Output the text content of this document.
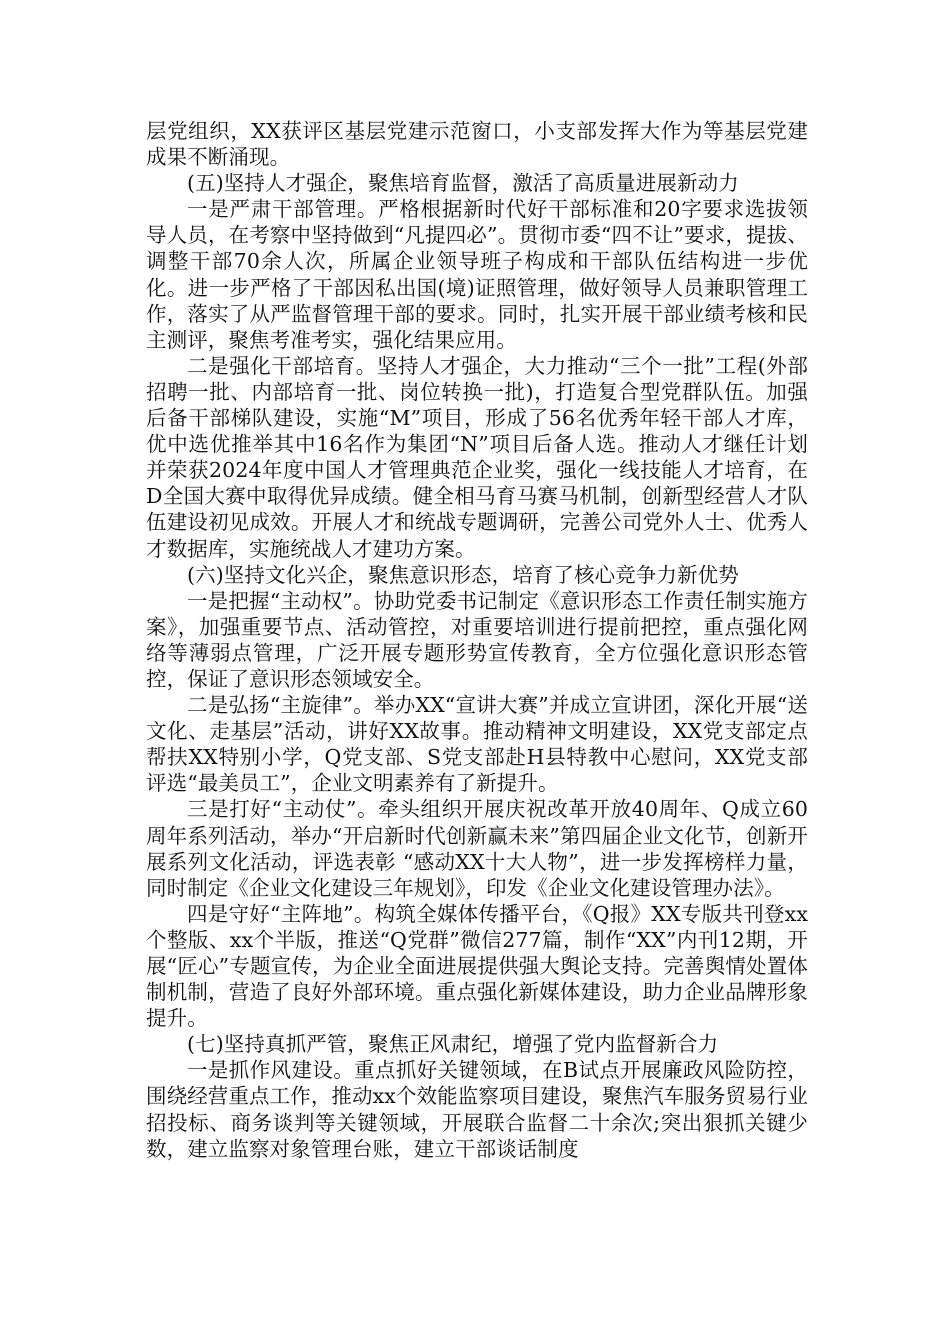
层党组织，XX获评区基层党建示范窗口，小支部发挥大作为等基层党建成果不断涌现。

(五)坚持人才强企，聚焦培育监督，激活了高质量进展新动力

一是严肃干部管理。严格根据新时代好干部标准和20字要求选拔领导人员，在考察中坚持做到“凡提四必”。贯彻市委“四不让”要求，提拔、调整干部70余人次，所属企业领导班子构成和干部队伍结构进一步优化。进一步严格了干部因私出国(境)证照管理，做好领导人员兼职管理工作，落实了从严监督管理干部的要求。同时，扎实开展干部业绩考核和民主测评，聚焦考准考实，强化结果应用。

二是强化干部培育。坚持人才强企，大力推动“三个一批”工程(外部招聘一批、内部培育一批、岗位转换一批)，打造复合型党群队伍。加强后备干部梯队建设，实施“M”项目，形成了56名优秀年轻干部人才库，优中选优推举其中16名作为集团“N”项目后备人选。推动人才继任计划并荣获2024年度中国人才管理典范企业奖，强化一线技能人才培育，在D全国大赛中取得优异成绩。健全相马育马赛马机制，创新型经营人才队伍建设初见成效。开展人才和统战专题调研，完善公司党外人士、优秀人才数据库，实施统战人才建功方案。

(六)坚持文化兴企，聚焦意识形态，培育了核心竞争力新优势

一是把握“主动权”。协助党委书记制定《意识形态工作责任制实施方案》，加强重要节点、活动管控，对重要培训进行提前把控，重点强化网络等薄弱点管理，广泛开展专题形势宣传教育，全方位强化意识形态管控，保证了意识形态领域安全。

二是弘扬“主旋律”。举办XX“宣讲大赛”并成立宣讲团，深化开展“送文化、走基层”活动，讲好XX故事。推动精神文明建设，XX党支部定点帮扶XX特别小学，Q党支部、S党支部赴H县特教中心慰问，XX党支部评选“最美员工”，企业文明素养有了新提升。

三是打好“主动仗”。牵头组织开展庆祝改革开放40周年、Q成立60周年系列活动，举办“开启新时代创新赢未来”第四届企业文化节，创新开展系列文化活动，评选表彰 “感动XX十大人物”，进一步发挥榜样力量，同时制定《企业文化建设三年规划》，印发《企业文化建设管理办法》。

四是守好“主阵地”。构筑全媒体传播平台，《Q报》XX专版共刊登xx个整版、xx个半版，推送“Q党群”微信277篇，制作“XX”内刊12期，开展“匠心”专题宣传，为企业全面进展提供强大舆论支持。完善舆情处置体制机制，营造了良好外部环境。重点强化新媒体建设，助力企业品牌形象提升。

(七)坚持真抓严管，聚焦正风肃纪，增强了党内监督新合力

一是抓作风建设。重点抓好关键领域，在B试点开展廉政风险防控，围绕经营重点工作，推动xx个效能监察项目建设，聚焦汽车服务贸易行业招投标、商务谈判等关键领域，开展联合监督二十余次;突出狠抓关键少数，建立监察对象管理台账，建立干部谈话制度
